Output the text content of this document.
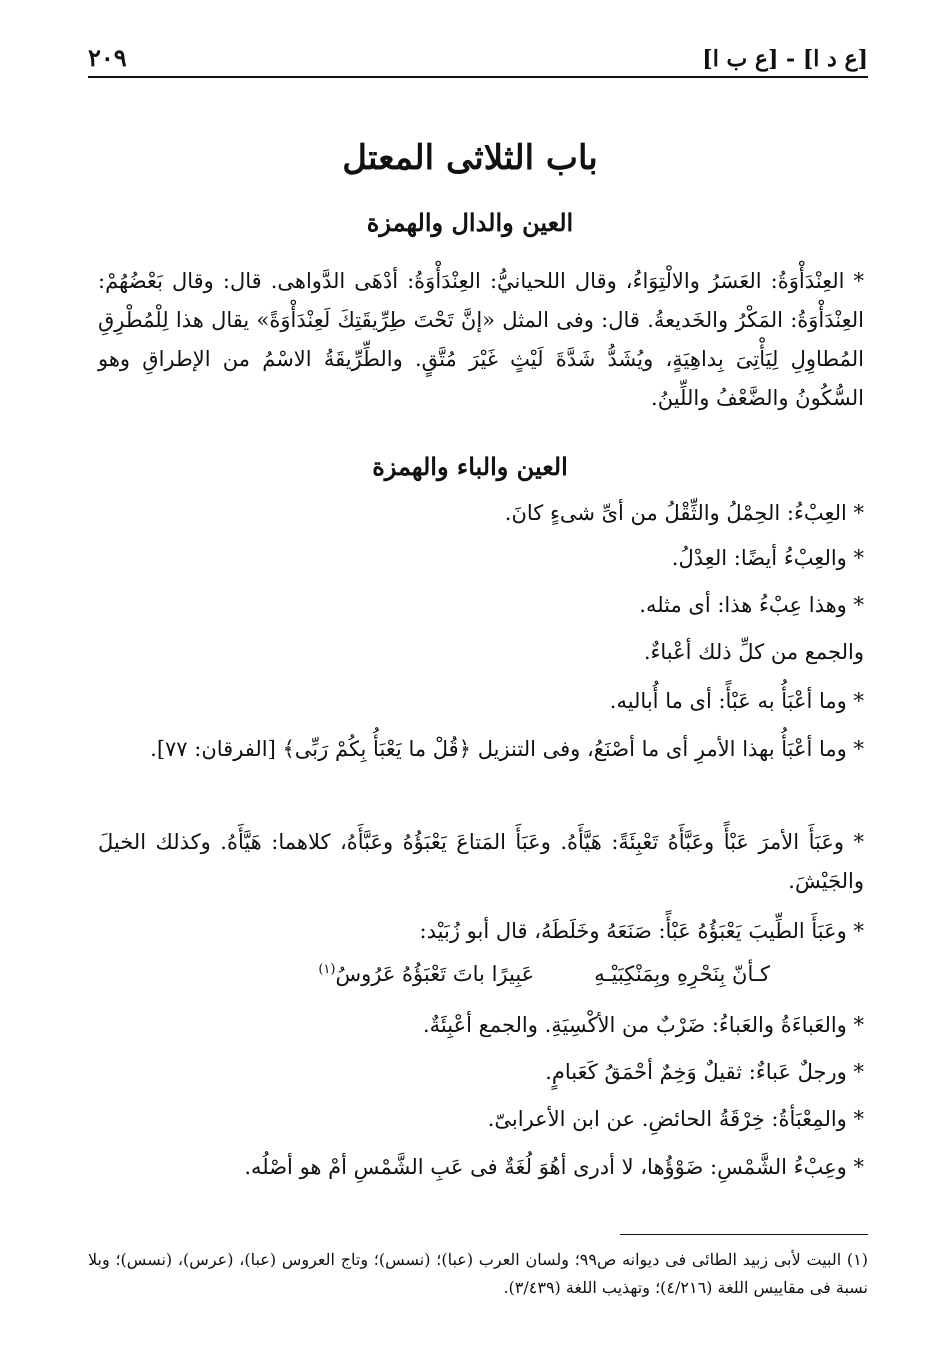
٢٠٩	[ع د ا] - [ع ب ا]
باب الثلاثى المعتل
العين والدال والهمزة
* العِنْدَأْوَةُ: العَسَرُ والالْتِوَاءُ، وقال اللحيانيُّ: العِنْدَأْوَةُ: أدْهَى الدَّواهى. قال: وقال بَعْضُهُمْ: العِنْدَأْوَةُ: المَكْرُ والخَديعةُ. قال: وفى المثل «إنَّ تَحْتَ طِرِّيقَتِكَ لَعِنْدَأْوَةً» يقال هذا لِلْمُطْرِقِ المُطاوِلِ لِيَأْتِىَ بِداهِيَةٍ، ويُشَدُّ شَدَّةَ لَيْثٍ غَيْرَ مُتَّقٍ. والطِّرِّيقَةُ الاسْمُ من الإطراقِ وهو السُّكُونُ والضَّعْفُ واللِّينُ.
العين والباء والهمزة
* العِبْءُ: الحِمْلُ والثِّقْلُ من أىِّ شىءٍ كانَ.
* والعِبْءُ أيضًا: العِدْلُ.
* وهذا عِبْءُ هذا: أى مثله.
والجمع من كلِّ ذلك أعْباءٌ.
* وما أعْبَأُ به عَبْأً: أى ما أُباليه.
* وما أعْبَأُ بهذا الأمرِ أى ما أصْنَعُ، وفى التنزيل ﴿قُلْ ما يَعْبَأُ بِكُمْ رَبِّى﴾ [الفرقان: ٧٧].
* وعَبَأَ الأمرَ عَبْأً وعَبَّأَهُ تَعْبِئَةً: هَيَّأَهُ. وعَبَأَ المَتاعَ يَعْبَؤُهُ وعَبَّأَهُ، كلاهما: هَيَّأَهُ. وكذلك الخيلَ والجَيْشَ.
* وعَبَأَ الطِّيبَ يَعْبَؤُهُ عَبْأً: صَنَعَهُ وخَلَطَهُ، قال أبو زُبَيْد:
كـأنّ بِنَحْرِهِ وبِمَنْكِبَيْـهِعَبِيرًا باتَ تَعْبَؤُهُ عَرُوسُ$^{(١)}$
* والعَباءَةُ والعَباءُ: ضَرْبٌ من الأكْسِيَةِ. والجمع أعْبِئَةٌ.
* ورجلٌ عَباءٌ: ثقيلٌ وَخِمٌ أحْمَقُ كَعَبامٍ.
* والمِعْبَأةُ: خِرْقَةُ الحائضِ. عن ابن الأعرابىّ.
* وعِبْءُ الشَّمْسِ: ضَوْؤُها، لا أدرى أهُوَ لُغَةٌ فى عَبِ الشَّمْسِ أمْ هو أصْلُه.
(١) البيت لأبى زبيد الطائى فى ديوانه ص٩٩؛ ولسان العرب (عبا)؛ (نسس)؛ وتاج العروس (عبا)، (عرس)، (نسس)؛ وبلا نسبة فى مقاييس اللغة (٤/٢١٦)؛ وتهذيب اللغة (٣/٤٣٩).
